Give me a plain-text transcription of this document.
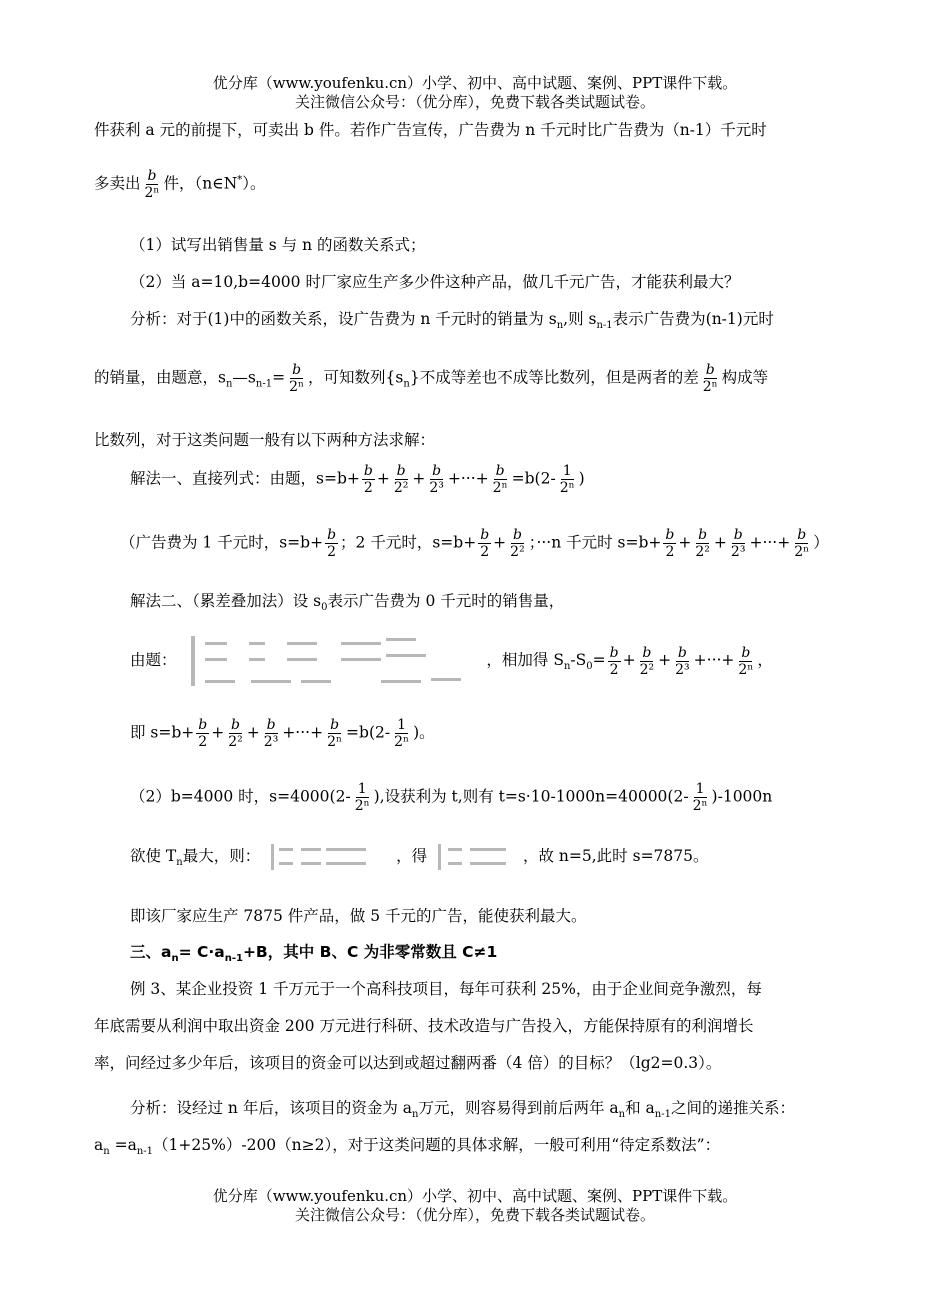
优分库（www.youfenku.cn）小学、初中、高中试题、案例、PPT课件下载。
关注微信公众号：（优分库），免费下载各类试题试卷。
件获利 a 元的前提下，可卖出 b 件。若作广告宣传，广告费为 n 千元时比广告费为（n-1）千元时
多卖出 $\frac{b}{\text{2ⁿ}}$ 件，（n∈N*）。
（1）试写出销售量 s 与 n 的函数关系式；
（2）当 a=10,b=4000 时厂家应生产多少件这种产品，做几千元广告，才能获利最大？
分析：对于(1)中的函数关系，设广告费为 n 千元时的销量为 $s_n$,则 $s_{n-1}$表示广告费为(n-1)元时
的销量，由题意，$s_n—s_{n-1}= \frac{b}{\text{2ⁿ}}$ ，可知数列$\{s_n\}$不成等差也不成等比数列，但是两者的差 $\frac{b}{\text{2ⁿ}}$ 构成等
比数列，对于这类问题一般有以下两种方法求解：
解法一、直接列式：由题，$s=b+ \frac{b}{2} + \frac{b}{\text{2²}} + \frac{b}{\text{2³}}$ +···+ $\frac{b}{\text{2ⁿ}} =b(2- \frac{1}{\text{2ⁿ}}$ )
（广告费为 1 千元时，$s=b+ \frac{b}{2}$ ；2 千元时，$s=b+ \frac{b}{2} + \frac{b}{\text{2²}}$ ；···n 千元时 $s=b+ \frac{b}{2} + \frac{b}{\text{2²}} + \frac{b}{\text{2³}}$ +···+ $\frac{b}{\text{2ⁿ}}$ ）
解法二、（累差叠加法）设 $s_0$表示广告费为 0 千元时的销售量，
由题：	，相加得 $S_n-S_0= \frac{b}{2} + \frac{b}{\text{2²}} + \frac{b}{\text{2³}}$ +···+ $\frac{b}{\text{2ⁿ}}$ ，
即 $s=b+ \frac{b}{2} + \frac{b}{\text{2²}} + \frac{b}{\text{2³}}$ +···+ $\frac{b}{\text{2ⁿ}} =b(2- \frac{1}{\text{2ⁿ}}$ )。
（2）b=4000 时，$s=4000(2- \frac{1}{\text{2ⁿ}}$ ),设获利为 t,则有 $t=s\cdot 10-1000n=40000(2- \frac{1}{\text{2ⁿ}} )-1000n$
欲使 $T_n$最大，则：	，得	，故 n=5,此时 s=7875。
即该厂家应生产 7875 件产品，做 5 千元的广告，能使获利最大。
三、$a_n= C\cdot a_{n-1}+B$，其中 B、C 为非零常数且 C≠1
例 3、某企业投资 1 千万元于一个高科技项目，每年可获利 25%，由于企业间竞争激烈，每
年底需要从利润中取出资金 200 万元进行科研、技术改造与广告投入，方能保持原有的利润增长
率，问经过多少年后，该项目的资金可以达到或超过翻两番（4 倍）的目标？（lg2=0.3）。
分析：设经过 n 年后，该项目的资金为 $a_n$万元，则容易得到前后两年 $a_n$和 $a_{n-1}$之间的递推关系：
$a_n =a_{n-1}(1+25\%)-200(n\ge 2)$，对于这类问题的具体求解，一般可利用“待定系数法”：
优分库（www.youfenku.cn）小学、初中、高中试题、案例、PPT课件下载。
关注微信公众号：（优分库），免费下载各类试题试卷。
